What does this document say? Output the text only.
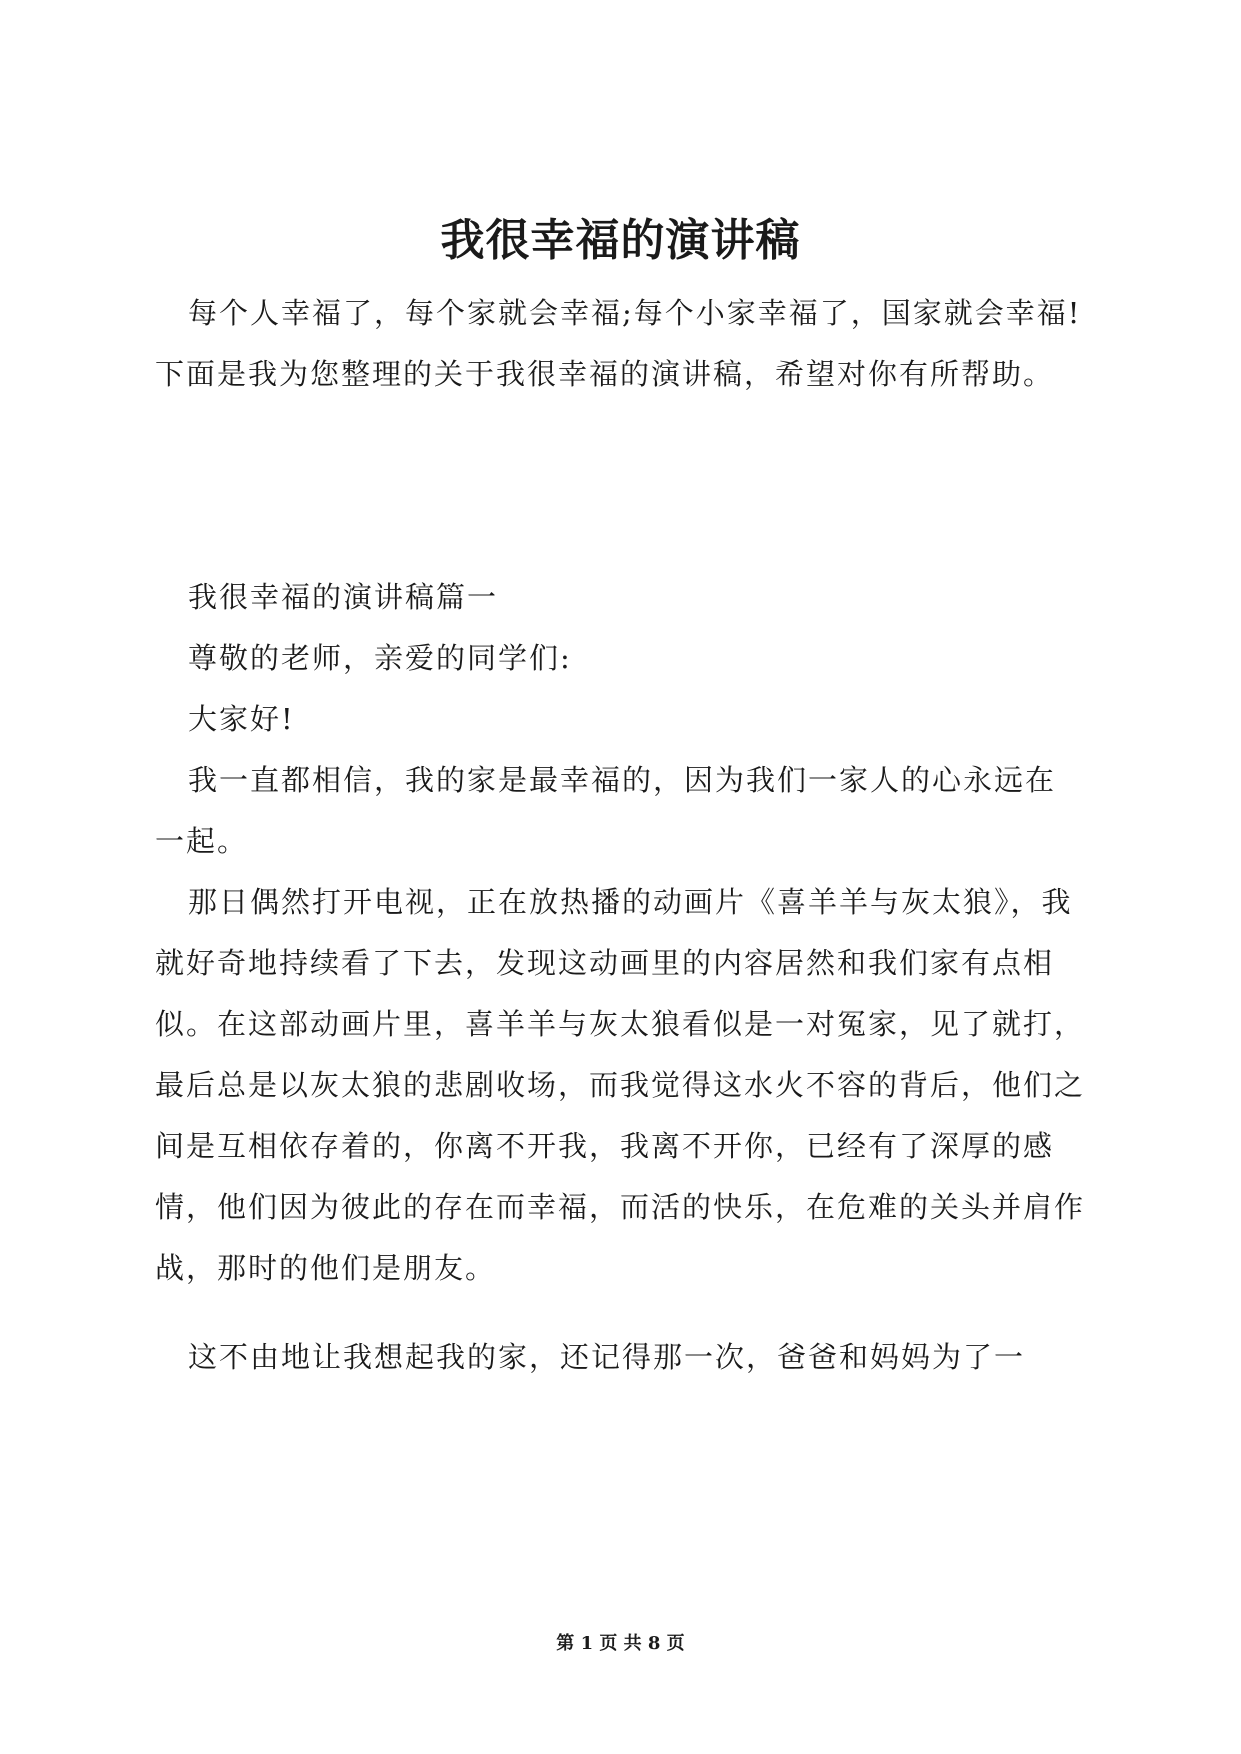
我很幸福的演讲稿

每个人幸福了，每个家就会幸福;每个小家幸福了，国家就会幸福!下面是我为您整理的关于我很幸福的演讲稿，希望对你有所帮助。

我很幸福的演讲稿篇一

尊敬的老师，亲爱的同学们:

大家好!

我一直都相信，我的家是最幸福的，因为我们一家人的心永远在一起。

那日偶然打开电视，正在放热播的动画片《喜羊羊与灰太狼》，我就好奇地持续看了下去，发现这动画里的内容居然和我们家有点相似。在这部动画片里，喜羊羊与灰太狼看似是一对冤家，见了就打，最后总是以灰太狼的悲剧收场，而我觉得这水火不容的背后，他们之间是互相依存着的，你离不开我，我离不开你，已经有了深厚的感情，他们因为彼此的存在而幸福，而活的快乐，在危难的关头并肩作战，那时的他们是朋友。

这不由地让我想起我的家，还记得那一次，爸爸和妈妈为了一

第 1 页 共 8 页
